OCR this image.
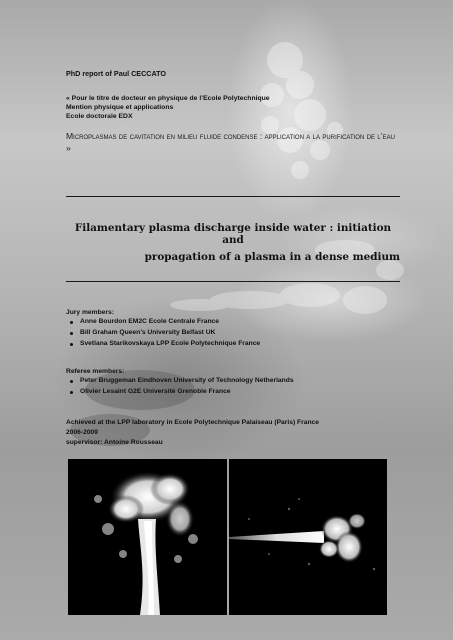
PhD report of Paul CECCATO

« Pour le titre de docteur en physique de l’Ecole Polytechnique

Mention physique et applications

Ecole doctorale EDX

Microplasmas de cavitation en milieu fluide condense : application a la purification de l’eau »

Filamentary plasma discharge inside water : initiation and
propagation of a plasma in a dense medium
Jury members:
Anne Bourdon EM2C Ecole Centrale France
Bill Graham Queen’s University Belfast UK
Svetlana Starikovskaya LPP Ecole Polytechnique France
Referee members:
Peter Bruggeman Eindhoven University of Technology Netherlands
Olivier Lesaint G2E Université Grenoble France
Achieved at the LPP laboratory in Ecole Polytechnique Palaiseau (Paris) France
2006-2009
supervisor: Antoine Rousseau
